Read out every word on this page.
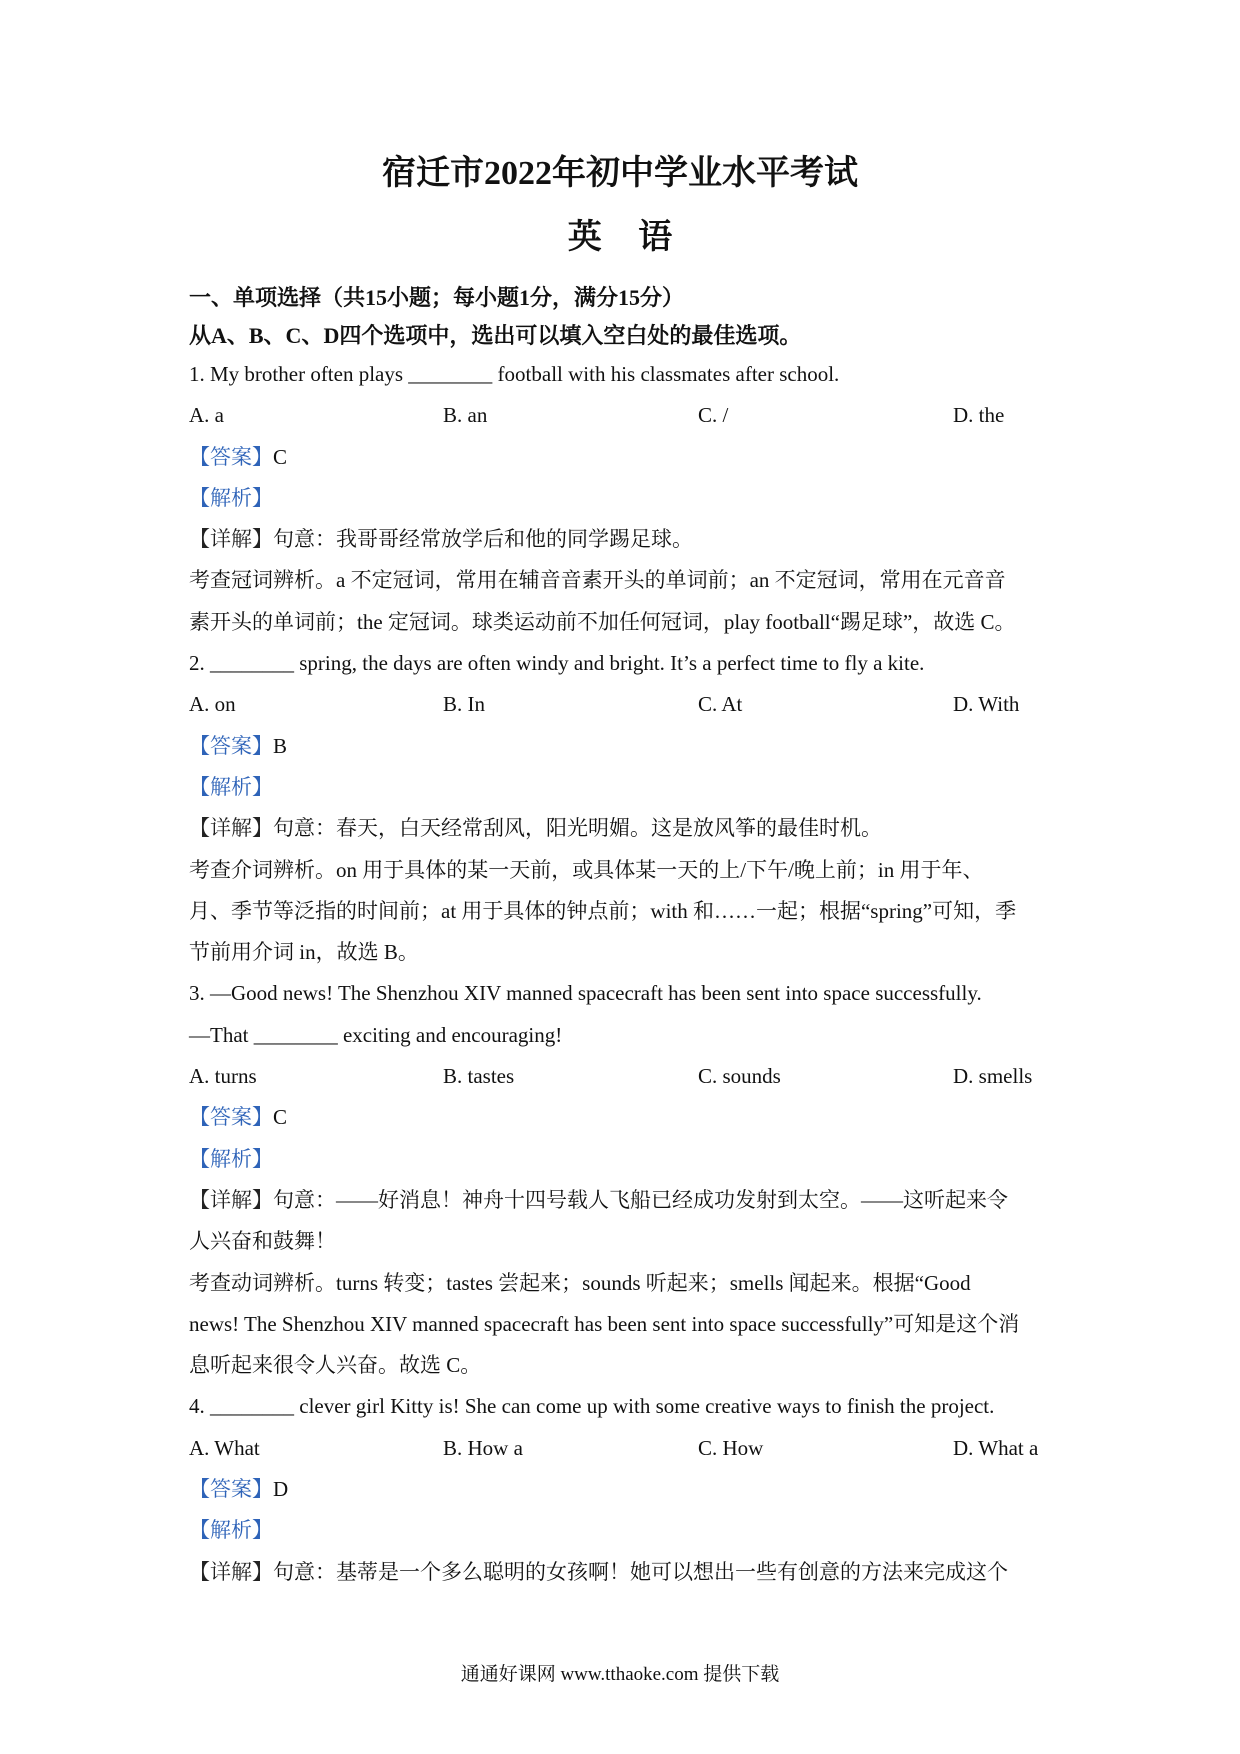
宿迁市2022年初中学业水平考试
英 语
一、单项选择（共15小题；每小题1分，满分15分）
从A、B、C、D四个选项中，选出可以填入空白处的最佳选项。
1. My brother often plays ________ football with his classmates after school.
A. a	B. an	C. /	D. the
【答案】C
【解析】
【详解】句意：我哥哥经常放学后和他的同学踢足球。
考查冠词辨析。a 不定冠词，常用在辅音音素开头的单词前；an 不定冠词，常用在元音音
素开头的单词前；the 定冠词。球类运动前不加任何冠词，play football“踢足球”，故选 C。
2. ________ spring, the days are often windy and bright. It’s a perfect time to fly a kite.
A. on	B. In	C. At	D. With
【答案】B
【解析】
【详解】句意：春天，白天经常刮风，阳光明媚。这是放风筝的最佳时机。
考查介词辨析。on 用于具体的某一天前，或具体某一天的上/下午/晚上前；in 用于年、
月、季节等泛指的时间前；at 用于具体的钟点前；with 和……一起；根据“spring”可知，季
节前用介词 in，故选 B。
3. —Good news! The Shenzhou XIV manned spacecraft has been sent into space successfully.
—That ________ exciting and encouraging!
A. turns	B. tastes	C. sounds	D. smells
【答案】C
【解析】
【详解】句意：——好消息！神舟十四号载人飞船已经成功发射到太空。——这听起来令
人兴奋和鼓舞！
考查动词辨析。turns 转变；tastes 尝起来；sounds 听起来；smells 闻起来。根据“Good
news! The Shenzhou XIV manned spacecraft has been sent into space successfully”可知是这个消
息听起来很令人兴奋。故选 C。
4. ________ clever girl Kitty is! She can come up with some creative ways to finish the project.
A. What	B. How a	C. How	D. What a
【答案】D
【解析】
【详解】句意：基蒂是一个多么聪明的女孩啊！她可以想出一些有创意的方法来完成这个
通通好课网 www.tthaoke.com 提供下载
